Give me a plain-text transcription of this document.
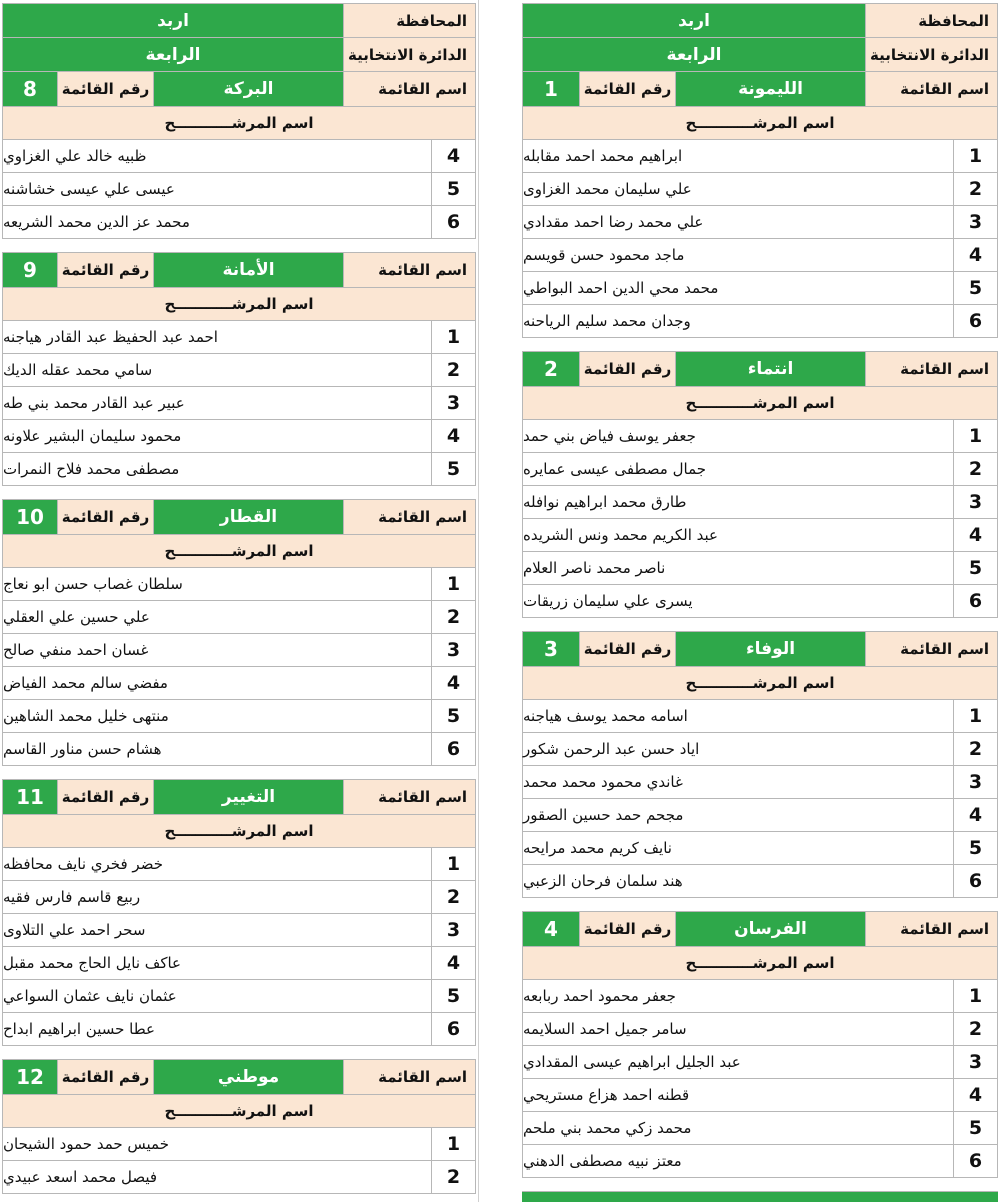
المحافظة
اربد
الدائرة الانتخابية
الرابعة
اسم القائمة
الليمونة
رقم القائمة
1
اسم المرشـــــــــــح
1
ابراهيم محمد احمد مقابله
2
علي سليمان محمد الغزاوى
3
علي محمد رضا احمد مقدادي
4
ماجد محمود حسن قويسم
5
محمد محي الدين احمد البواطي
6
وجدان محمد سليم الرياحنه
اسم القائمة
انتماء
رقم القائمة
2
اسم المرشـــــــــــح
1
جعفر يوسف فياض بني حمد
2
جمال مصطفى عيسى عمايره
3
طارق محمد ابراهيم نوافله
4
عبد الكريم محمد ونس الشريده
5
ناصر محمد ناصر العلام
6
يسرى علي سليمان زريقات
اسم القائمة
الوفاء
رقم القائمة
3
اسم المرشـــــــــــح
1
اسامه محمد يوسف هياجنه
2
اياد حسن عبد الرحمن شكور
3
غاندي محمود محمد محمد
4
مجحم حمد حسين الصقور
5
نايف كريم محمد مرايحه
6
هند سلمان فرحان الزعبي
اسم القائمة
الفرسان
رقم القائمة
4
اسم المرشـــــــــــح
1
جعفر محمود احمد ربابعه
2
سامر جميل احمد السلايمه
3
عبد الجليل ابراهيم عيسى المقدادي
4
قطنه احمد هزاع مستريحي
5
محمد زكي محمد بني ملحم
6
معتز نبيه مصطفى الدهني
المحافظة
اربد
الدائرة الانتخابية
الرابعة
اسم القائمة
البركة
رقم القائمة
8
اسم المرشـــــــــــح
4
ظبيه خالد علي الغزاوي
5
عيسى علي عيسى خشاشنه
6
محمد عز الدين محمد الشريعه
اسم القائمة
الأمانة
رقم القائمة
9
اسم المرشـــــــــــح
1
احمد عبد الحفيظ عبد القادر هياجنه
2
سامي محمد عقله الديك
3
عبير عبد القادر محمد بني طه
4
محمود سليمان البشير علاونه
5
مصطفى محمد فلاح النمرات
اسم القائمة
القطار
رقم القائمة
10
اسم المرشـــــــــــح
1
سلطان غصاب حسن ابو نعاج
2
علي حسين علي العقلي
3
غسان احمد منفي صالح
4
مفضي سالم محمد الفياض
5
منتهى خليل محمد الشاهين
6
هشام حسن مناور القاسم
اسم القائمة
التغيير
رقم القائمة
11
اسم المرشـــــــــــح
1
خضر فخري نايف محافظه
2
ربيع قاسم فارس فقيه
3
سحر احمد علي التلاوى
4
عاكف نايل الحاج محمد مقبل
5
عثمان نايف عثمان السواعي
6
عطا حسين ابراهيم ابداح
اسم القائمة
موطني
رقم القائمة
12
اسم المرشـــــــــــح
1
خميس حمد حمود الشيحان
2
فيصل محمد اسعد عبيدي
